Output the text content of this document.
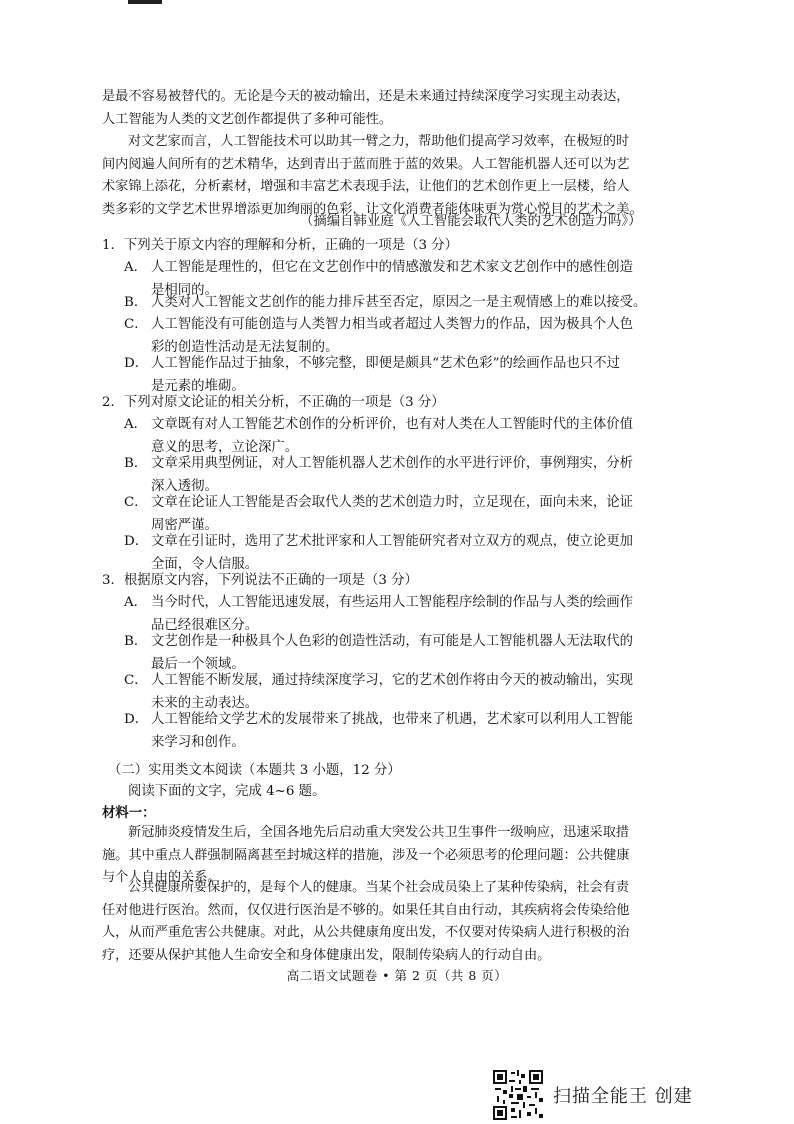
是最不容易被替代的。无论是今天的被动输出，还是未来通过持续深度学习实现主动表达，
人工智能为人类的文艺创作都提供了多种可能性。
对文艺家而言，人工智能技术可以助其一臂之力，帮助他们提高学习效率，在极短的时
间内阅遍人间所有的艺术精华，达到青出于蓝而胜于蓝的效果。人工智能机器人还可以为艺
术家锦上添花，分析素材，增强和丰富艺术表现手法，让他们的艺术创作更上一层楼，给人
类多彩的文学艺术世界增添更加绚丽的色彩，让文化消费者能体味更为赏心悦目的艺术之美。
（摘编自韩业庭《人工智能会取代人类的艺术创造力吗》）
1．下列关于原文内容的理解和分析，正确的一项是（3 分）
A． 人工智能是理性的，但它在文艺创作中的情感激发和艺术家文艺创作中的感性创造
是相同的。
B． 人类对人工智能文艺创作的能力排斥甚至否定，原因之一是主观情感上的难以接受。
C． 人工智能没有可能创造与人类智力相当或者超过人类智力的作品，因为极具个人色
彩的创造性活动是无法复制的。
D． 人工智能作品过于抽象，不够完整，即便是颇具“艺术色彩”的绘画作品也只不过
是元素的堆砌。
2．下列对原文论证的相关分析，不正确的一项是（3 分）
A． 文章既有对人工智能艺术创作的分析评价，也有对人类在人工智能时代的主体价值
意义的思考，立论深广。
B． 文章采用典型例证，对人工智能机器人艺术创作的水平进行评价，事例翔实，分析
深入透彻。
C． 文章在论证人工智能是否会取代人类的艺术创造力时，立足现在，面向未来，论证
周密严谨。
D． 文章在引证时，选用了艺术批评家和人工智能研究者对立双方的观点，使立论更加
全面，令人信服。
3．根据原文内容，下列说法不正确的一项是（3 分）
A． 当今时代，人工智能迅速发展，有些运用人工智能程序绘制的作品与人类的绘画作
品已经很难区分。
B． 文艺创作是一种极具个人色彩的创造性活动，有可能是人工智能机器人无法取代的
最后一个领域。
C． 人工智能不断发展，通过持续深度学习，它的艺术创作将由今天的被动输出，实现
未来的主动表达。
D． 人工智能给文学艺术的发展带来了挑战，也带来了机遇，艺术家可以利用人工智能
来学习和创作。
（二）实用类文本阅读（本题共 3 小题，12 分）
阅读下面的文字，完成 4~6 题。
材料一：
新冠肺炎疫情发生后，全国各地先后启动重大突发公共卫生事件一级响应，迅速采取措
施。其中重点人群强制隔离甚至封城这样的措施，涉及一个必须思考的伦理问题：公共健康
与个人自由的关系。
公共健康所要保护的，是每个人的健康。当某个社会成员染上了某种传染病，社会有责
任对他进行医治。然而，仅仅进行医治是不够的。如果任其自由行动，其疾病将会传染给他
人，从而严重危害公共健康。对此，从公共健康角度出发，不仅要对传染病人进行积极的治
疗，还要从保护其他人生命安全和身体健康出发，限制传染病人的行动自由。
高二语文试题卷 • 第 2 页（共 8 页）
扫描全能王 创建
